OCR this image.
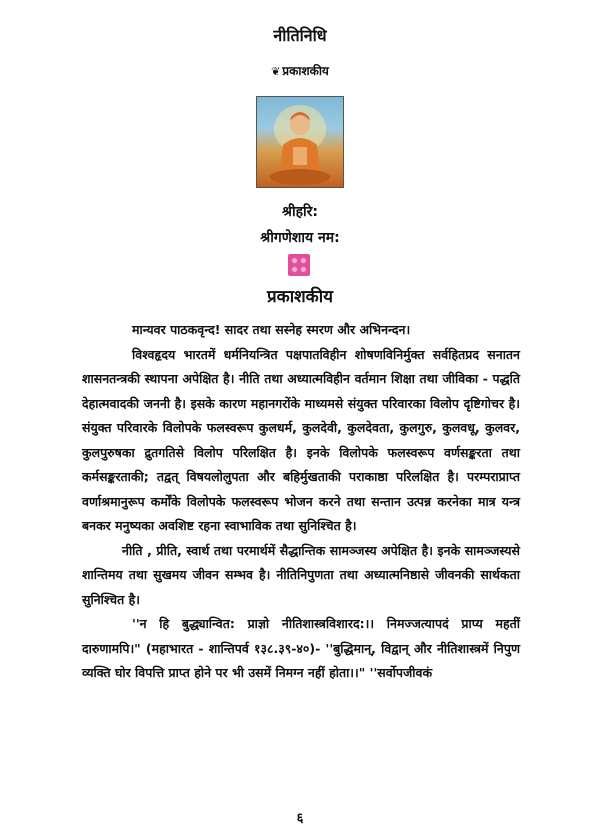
नीतिनिधि
❦ प्रकाशकीय
श्रीहरि:
श्रीगणेशाय नम:
प्रकाशकीय

मान्यवर पाठकवृन्द! सादर तथा सस्नेह स्मरण और अभिनन्दन।

विश्वहृदय भारतमें धर्मनियन्त्रित पक्षपातविहीन शोषणविनिर्मुक्त सर्वहितप्रद सनातन शासनतन्त्रकी स्थापना अपेक्षित है। नीति तथा अध्यात्मविहीन वर्तमान शिक्षा तथा जीविका - पद्धति देहात्मवादकी जननी है। इसके कारण महानगरोंके माध्यमसे संयुक्त परिवारका विलोप दृष्टिगोचर है। संयुक्त परिवारके विलोपके फलस्वरूप कुलधर्म, कुलदेवी, कुलदेवता, कुलगुरु, कुलवधू, कुलवर, कुलपुरुषका द्रुतगतिसे विलोप परिलक्षित है। इनके विलोपके फलस्वरूप वर्णसङ्करता तथा कर्मसङ्करताकी; तद्वत् विषयलोलुपता और बहिर्मुखताकी पराकाष्ठा परिलक्षित है। परम्पराप्राप्त वर्णाश्रमानुरूप कर्मोंके विलोपके फलस्वरूप भोजन करने तथा सन्तान उत्पन्न करनेका मात्र यन्त्र बनकर मनुष्यका अवशिष्ट रहना स्वाभाविक तथा सुनिश्चित है।

नीति , प्रीति, स्वार्थ तथा परमार्थमें सैद्धान्तिक सामञ्जस्य अपेक्षित है। इनके सामञ्जस्यसे शान्तिमय तथा सुखमय जीवन सम्भव है। नीतिनिपुणता तथा अध्यात्मनिष्ठासे जीवनकी सार्थकता सुनिश्चित है।

''न हि बुद्ध्यान्वित: प्राज्ञो नीतिशास्त्रविशारद:।। निमज्जत्यापदं प्राप्य महतीं दारुणामपि।" (महाभारत - शान्तिपर्व १३८.३९-४०)- ''बुद्धिमान्, विद्वान् और नीतिशास्त्रमें निपुण व्यक्ति घोर विपत्ति प्राप्त होने पर भी उसमें निमग्न नहीं होता।।" ''सर्वोपजीवकं

६
